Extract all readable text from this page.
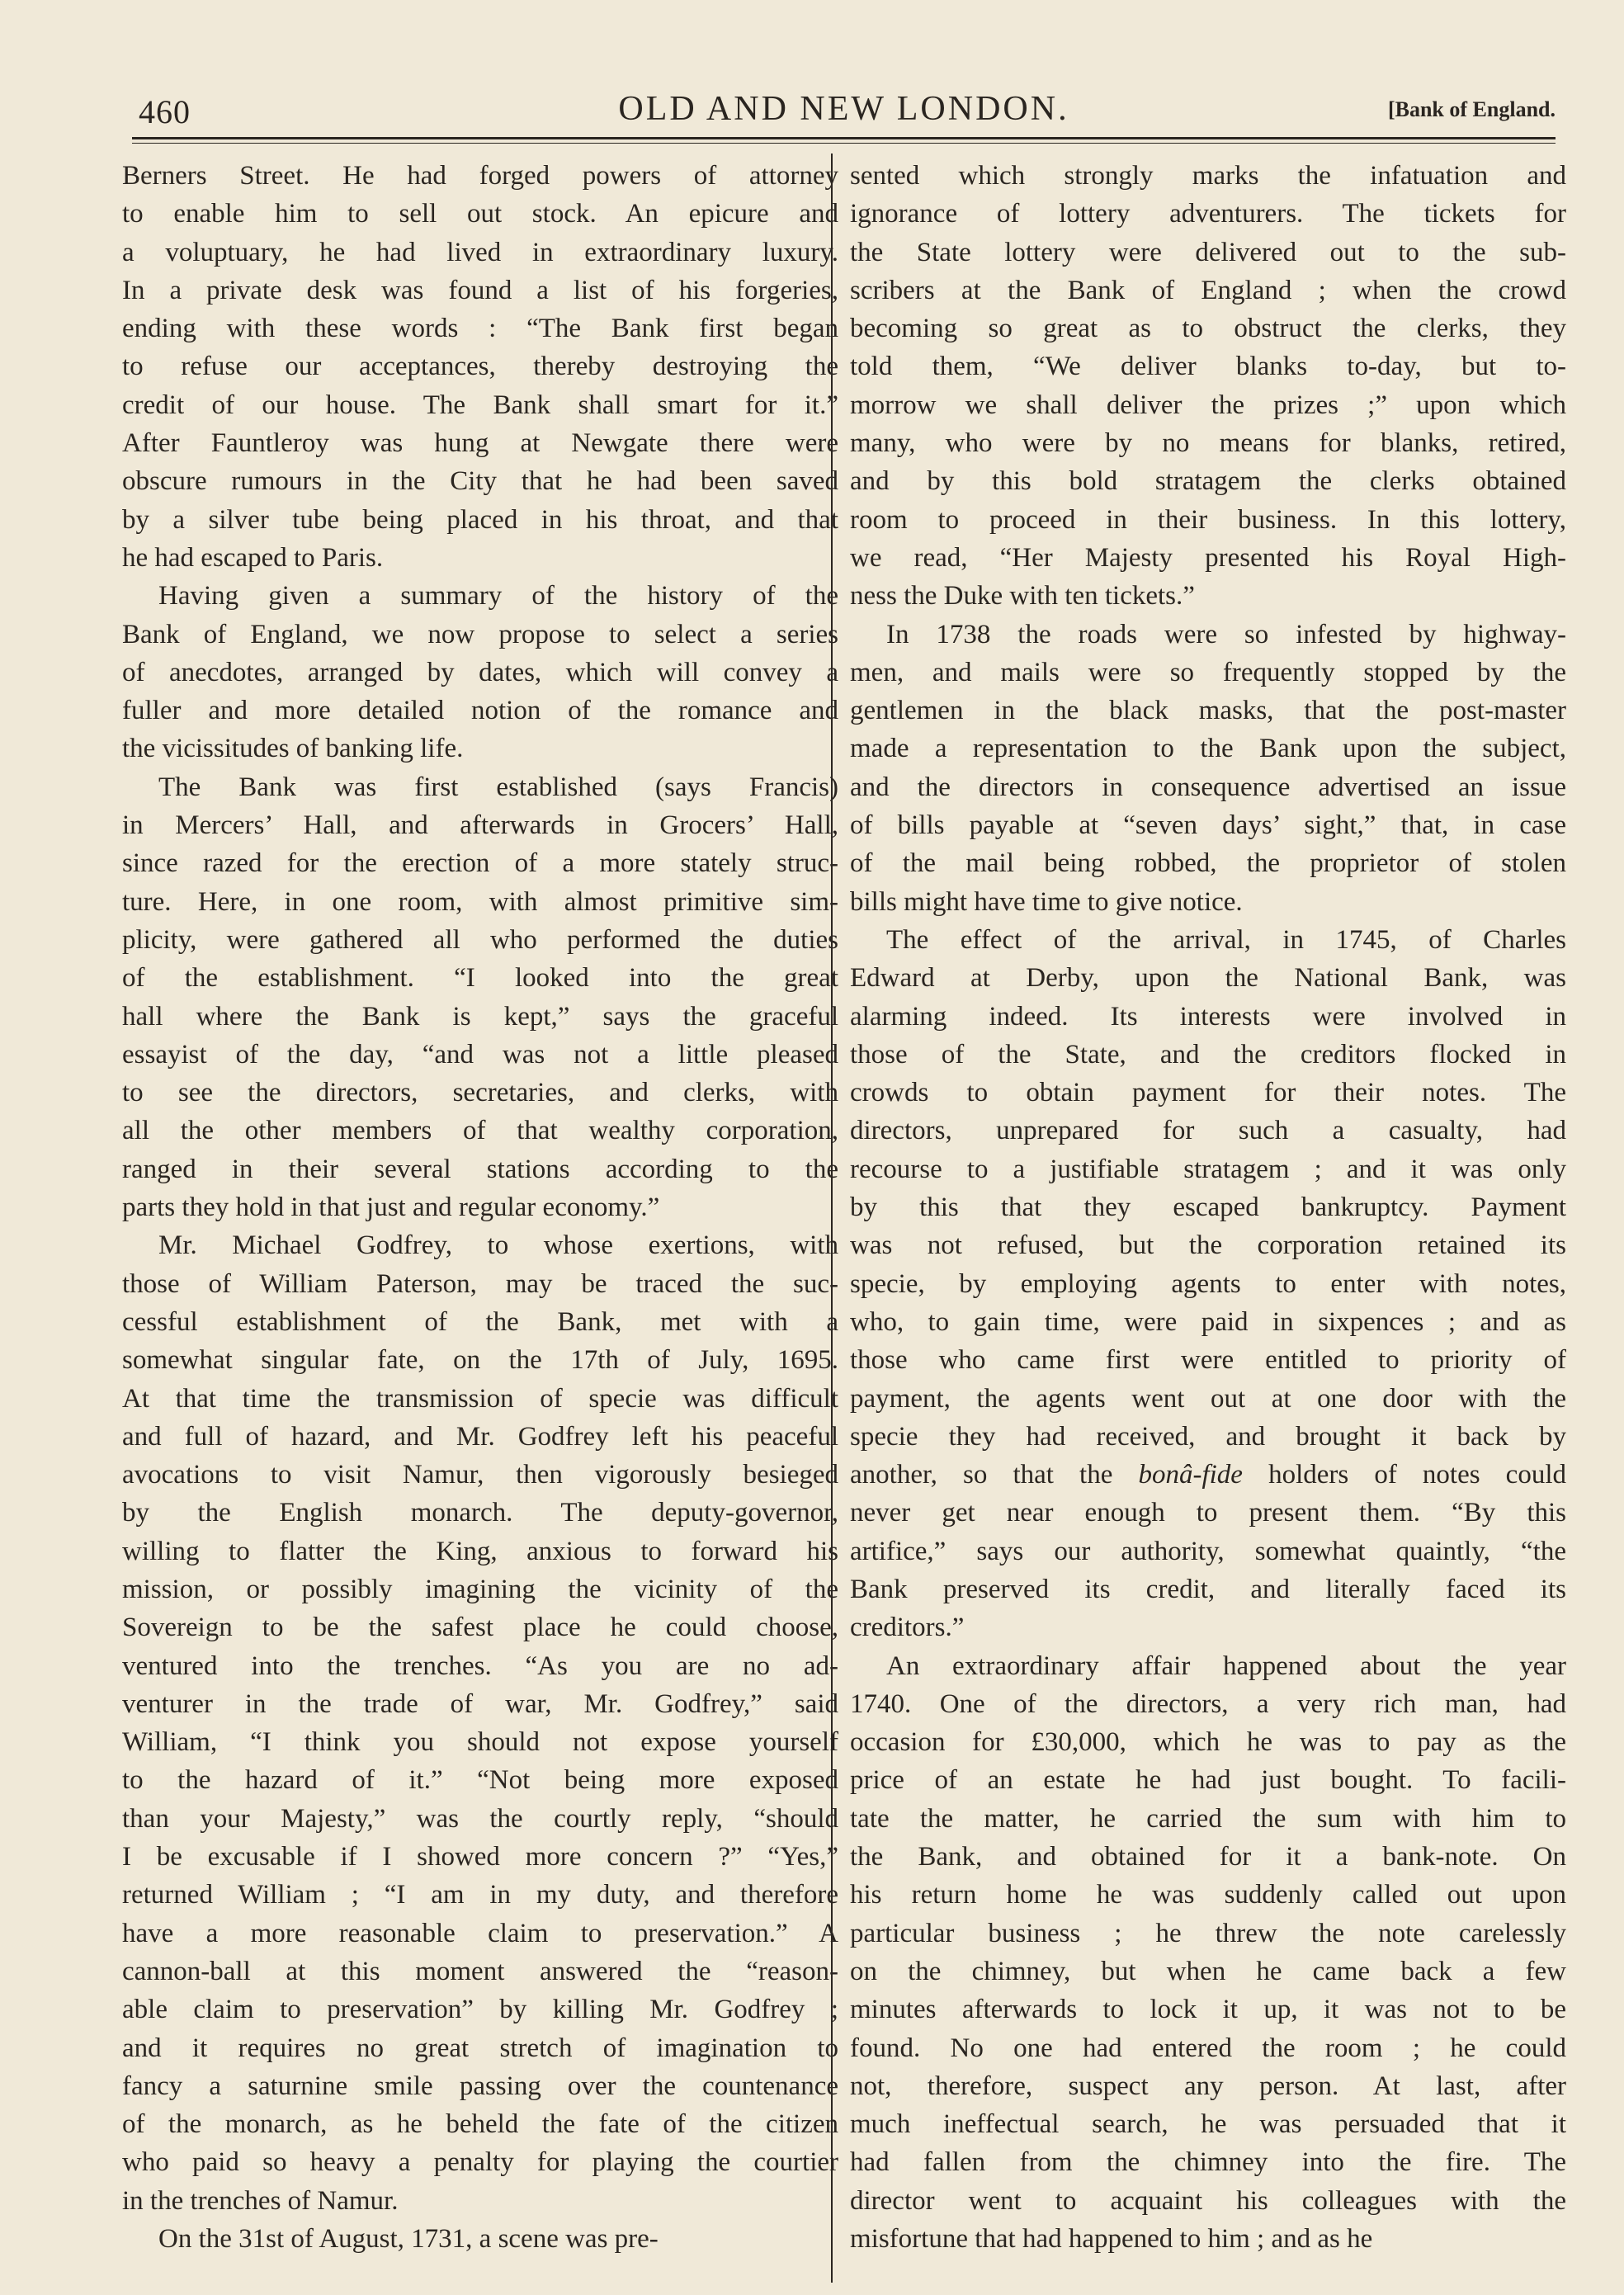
460	OLD AND NEW LONDON.	[Bank of England.
Berners Street. He had forged powers of attorney
to enable him to sell out stock. An epicure and
a voluptuary, he had lived in extraordinary luxury.
In a private desk was found a list of his forgeries,
ending with these words : “The Bank first began
to refuse our acceptances, thereby destroying the
credit of our house. The Bank shall smart for it.”
After Fauntleroy was hung at Newgate there were
obscure rumours in the City that he had been saved
by a silver tube being placed in his throat, and that
he had escaped to Paris.
Having given a summary of the history of the
Bank of England, we now propose to select a series
of anecdotes, arranged by dates, which will convey a
fuller and more detailed notion of the romance and
the vicissitudes of banking life.
The Bank was first established (says Francis)
in Mercers’ Hall, and afterwards in Grocers’ Hall,
since razed for the erection of a more stately struc-
ture. Here, in one room, with almost primitive sim-
plicity, were gathered all who performed the duties
of the establishment. “I looked into the great
hall where the Bank is kept,” says the graceful
essayist of the day, “and was not a little pleased
to see the directors, secretaries, and clerks, with
all the other members of that wealthy corporation,
ranged in their several stations according to the
parts they hold in that just and regular economy.”
Mr. Michael Godfrey, to whose exertions, with
those of William Paterson, may be traced the suc-
cessful establishment of the Bank, met with a
somewhat singular fate, on the 17th of July, 1695.
At that time the transmission of specie was difficult
and full of hazard, and Mr. Godfrey left his peaceful
avocations to visit Namur, then vigorously besieged
by the English monarch. The deputy-governor,
willing to flatter the King, anxious to forward his
mission, or possibly imagining the vicinity of the
Sovereign to be the safest place he could choose,
ventured into the trenches. “As you are no ad-
venturer in the trade of war, Mr. Godfrey,” said
William, “I think you should not expose yourself
to the hazard of it.” “Not being more exposed
than your Majesty,” was the courtly reply, “should
I be excusable if I showed more concern ?” “Yes,”
returned William ; “I am in my duty, and therefore
have a more reasonable claim to preservation.” A
cannon-ball at this moment answered the “reason-
able claim to preservation” by killing Mr. Godfrey ;
and it requires no great stretch of imagination to
fancy a saturnine smile passing over the countenance
of the monarch, as he beheld the fate of the citizen
who paid so heavy a penalty for playing the courtier
in the trenches of Namur.
On the 31st of August, 1731, a scene was pre-
sented which strongly marks the infatuation and
ignorance of lottery adventurers. The tickets for
the State lottery were delivered out to the sub-
scribers at the Bank of England ; when the crowd
becoming so great as to obstruct the clerks, they
told them, “We deliver blanks to-day, but to-
morrow we shall deliver the prizes ;” upon which
many, who were by no means for blanks, retired,
and by this bold stratagem the clerks obtained
room to proceed in their business. In this lottery,
we read, “Her Majesty presented his Royal High-
ness the Duke with ten tickets.”
In 1738 the roads were so infested by highway-
men, and mails were so frequently stopped by the
gentlemen in the black masks, that the post-master
made a representation to the Bank upon the subject,
and the directors in consequence advertised an issue
of bills payable at “seven days’ sight,” that, in case
of the mail being robbed, the proprietor of stolen
bills might have time to give notice.
The effect of the arrival, in 1745, of Charles
Edward at Derby, upon the National Bank, was
alarming indeed. Its interests were involved in
those of the State, and the creditors flocked in
crowds to obtain payment for their notes. The
directors, unprepared for such a casualty, had
recourse to a justifiable stratagem ; and it was only
by this that they escaped bankruptcy. Payment
was not refused, but the corporation retained its
specie, by employing agents to enter with notes,
who, to gain time, were paid in sixpences ; and as
those who came first were entitled to priority of
payment, the agents went out at one door with the
specie they had received, and brought it back by
another, so that the bonâ-fide holders of notes could
never get near enough to present them. “By this
artifice,” says our authority, somewhat quaintly, “the
Bank preserved its credit, and literally faced its
creditors.”
An extraordinary affair happened about the year
1740. One of the directors, a very rich man, had
occasion for £30,000, which he was to pay as the
price of an estate he had just bought. To facili-
tate the matter, he carried the sum with him to
the Bank, and obtained for it a bank-note. On
his return home he was suddenly called out upon
particular business ; he threw the note carelessly
on the chimney, but when he came back a few
minutes afterwards to lock it up, it was not to be
found. No one had entered the room ; he could
not, therefore, suspect any person. At last, after
much ineffectual search, he was persuaded that it
had fallen from the chimney into the fire. The
director went to acquaint his colleagues with the
misfortune that had happened to him ; and as he
